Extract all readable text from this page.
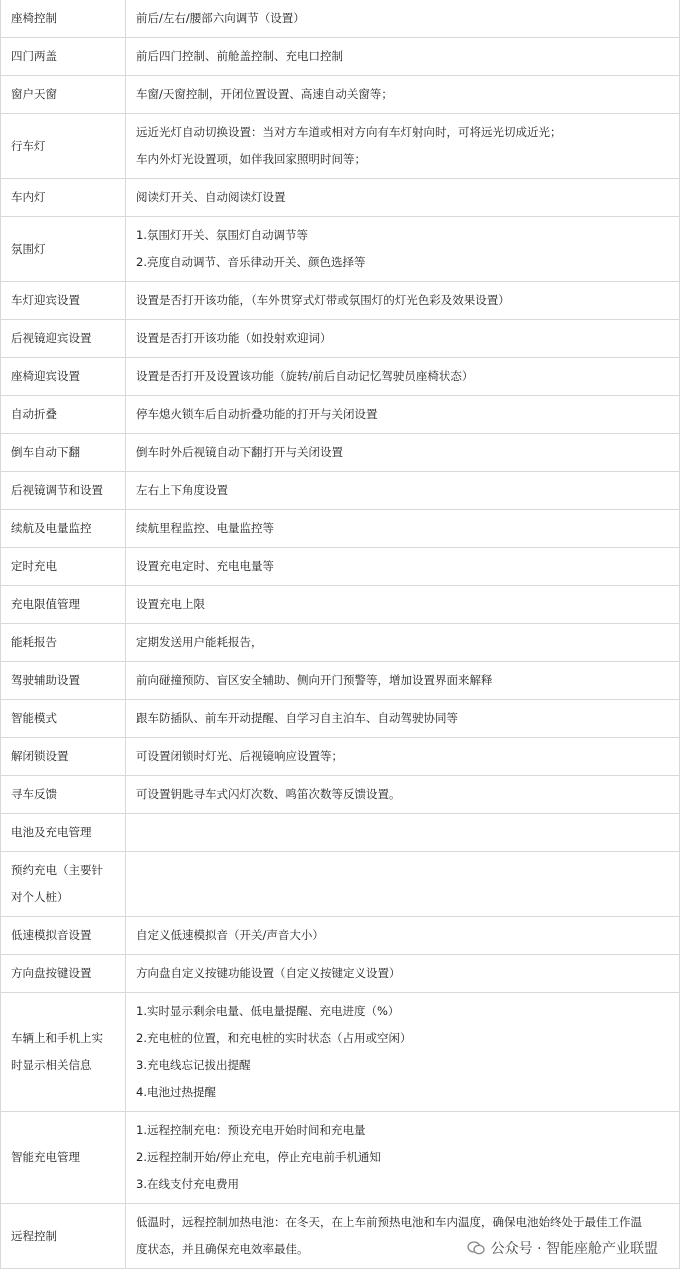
座椅控制	前后/左右/腰部六向调节（设置）

四门两盖	前后四门控制、前舱盖控制、充电口控制

窗户天窗	车窗/天窗控制，开闭位置设置、高速自动关窗等；

行车灯	远近光灯自动切换设置：当对方车道或相对方向有车灯射向时，可将远光切成近光；
车内外灯光设置项，如伴我回家照明时间等；

车内灯	阅读灯开关、自动阅读灯设置

氛围灯	1.氛围灯开关、氛围灯自动调节等
2.亮度自动调节、音乐律动开关、颜色选择等

车灯迎宾设置	设置是否打开该功能，（车外贯穿式灯带或氛围灯的灯光色彩及效果设置）

后视镜迎宾设置	设置是否打开该功能（如投射欢迎词）

座椅迎宾设置	设置是否打开及设置该功能（旋转/前后自动记忆驾驶员座椅状态）

自动折叠	停车熄火锁车后自动折叠功能的打开与关闭设置

倒车自动下翻	倒车时外后视镜自动下翻打开与关闭设置

后视镜调节和设置	左右上下角度设置

续航及电量监控	续航里程监控、电量监控等

定时充电	设置充电定时、充电电量等

充电限值管理	设置充电上限

能耗报告	定期发送用户能耗报告，

驾驶辅助设置	前向碰撞预防、盲区安全辅助、侧向开门预警等，增加设置界面来解释

智能模式	跟车防插队、前车开动提醒、自学习自主泊车、自动驾驶协同等

解闭锁设置	可设置闭锁时灯光、后视镜响应设置等；

寻车反馈	可设置钥匙寻车式闪灯次数、鸣笛次数等反馈设置。

电池及充电管理	

预约充电（主要针
对个人桩）	

低速模拟音设置	自定义低速模拟音（开关/声音大小）

方向盘按键设置	方向盘自定义按键功能设置（自定义按键定义设置）

车辆上和手机上实
时显示相关信息	1.实时显示剩余电量、低电量提醒、充电进度（%）
2.充电桩的位置，和充电桩的实时状态（占用或空闲）
3.充电线忘记拔出提醒
4.电池过热提醒

智能充电管理	1.远程控制充电：预设充电开始时间和充电量
2.远程控制开始/停止充电，停止充电前手机通知
3.在线支付充电费用

远程控制	低温时，远程控制加热电池：在冬天，在上车前预热电池和车内温度，确保电池始终处于最佳工作温
度状态，并且确保充电效率最佳。	公众号 · 智能座舱产业联盟
